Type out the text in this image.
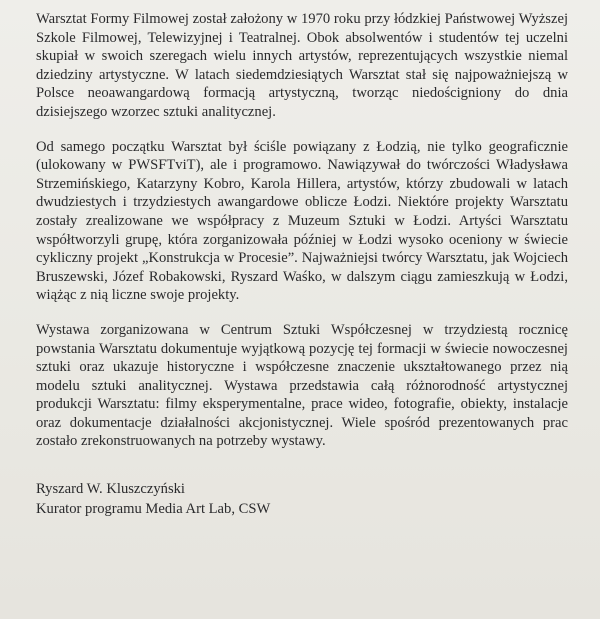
Warsztat Formy Filmowej został założony w 1970 roku przy łódzkiej Państwowej Wyższej Szkole Filmowej, Telewizyjnej i Teatralnej. Obok absolwentów i studentów tej uczelni skupiał w swoich szeregach wielu innych artystów, reprezentujących wszystkie niemal dziedziny artystyczne. W latach siedemdziesiątych Warsztat stał się najpoważniejszą w Polsce neoawangardową formacją artystyczną, tworząc niedościgniony do dnia dzisiejszego wzorzec sztuki analitycznej.

Od samego początku Warsztat był ściśle powiązany z Łodzią, nie tylko geograficznie (ulokowany w PWSFTviT), ale i programowo. Nawiązywał do twórczości Władysława Strzemińskiego, Katarzyny Kobro, Karola Hillera, artystów, którzy zbudowali w latach dwudziestych i trzydziestych awangardowe oblicze Łodzi. Niektóre projekty Warsztatu zostały zrealizowane we współpracy z Muzeum Sztuki w Łodzi. Artyści Warsztatu współtworzyli grupę, która zorganizowała później w Łodzi wysoko oceniony w świecie cykliczny projekt „Konstrukcja w Procesie”. Najważniejsi twórcy Warsztatu, jak Wojciech Bruszewski, Józef Robakowski, Ryszard Waśko, w dalszym ciągu zamieszkują w Łodzi, wiążąc z nią liczne swoje projekty.

Wystawa zorganizowana w Centrum Sztuki Współczesnej w trzydziestą rocznicę powstania Warsztatu dokumentuje wyjątkową pozycję tej formacji w świecie nowoczesnej sztuki oraz ukazuje historyczne i współczesne znaczenie ukształtowanego przez nią modelu sztuki analitycznej. Wystawa przedstawia całą różnorodność artystycznej produkcji Warsztatu: filmy eksperymentalne, prace wideo, fotografie, obiekty, instalacje oraz dokumentacje działalności akcjonistycznej. Wiele spośród prezentowanych prac zostało zrekonstruowanych na potrzeby wystawy.

Ryszard W. Kluszczyński
Kurator programu Media Art Lab, CSW
